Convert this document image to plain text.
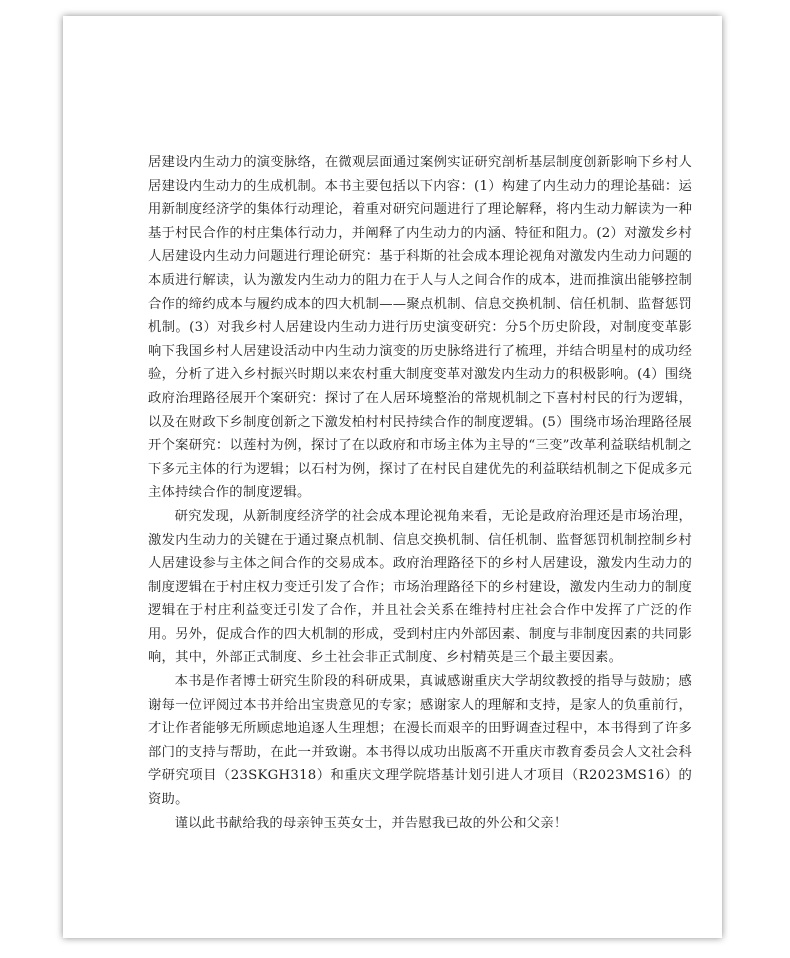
居建设内生动力的演变脉络，在微观层面通过案例实证研究剖析基层制度创新影响下乡村人居建设内生动力的生成机制。本书主要包括以下内容：(1）构建了内生动力的理论基础：运用新制度经济学的集体行动理论，着重对研究问题进行了理论解释，将内生动力解读为一种基于村民合作的村庄集体行动力，并阐释了内生动力的内涵、特征和阻力。(2）对激发乡村人居建设内生动力问题进行理论研究：基于科斯的社会成本理论视角对激发内生动力问题的本质进行解读，认为激发内生动力的阻力在于人与人之间合作的成本，进而推演出能够控制合作的缔约成本与履约成本的四大机制——聚点机制、信息交换机制、信任机制、监督惩罚机制。(3）对我乡村人居建设内生动力进行历史演变研究：分5个历史阶段，对制度变革影响下我国乡村人居建设活动中内生动力演变的历史脉络进行了梳理，并结合明星村的成功经验，分析了进入乡村振兴时期以来农村重大制度变革对激发内生动力的积极影响。(4）围绕政府治理路径展开个案研究：探讨了在人居环境整治的常规机制之下喜村村民的行为逻辑，以及在财政下乡制度创新之下激发柏村村民持续合作的制度逻辑。(5）围绕市场治理路径展开个案研究：以莲村为例，探讨了在以政府和市场主体为主导的“三变”改革利益联结机制之下多元主体的行为逻辑；以石村为例，探讨了在村民自建优先的利益联结机制之下促成多元主体持续合作的制度逻辑。

研究发现，从新制度经济学的社会成本理论视角来看，无论是政府治理还是市场治理，激发内生动力的关键在于通过聚点机制、信息交换机制、信任机制、监督惩罚机制控制乡村人居建设参与主体之间合作的交易成本。政府治理路径下的乡村人居建设，激发内生动力的制度逻辑在于村庄权力变迁引发了合作；市场治理路径下的乡村建设，激发内生动力的制度逻辑在于村庄利益变迁引发了合作，并且社会关系在维持村庄社会合作中发挥了广泛的作用。另外，促成合作的四大机制的形成，受到村庄内外部因素、制度与非制度因素的共同影响，其中，外部正式制度、乡土社会非正式制度、乡村精英是三个最主要因素。

本书是作者博士研究生阶段的科研成果，真诚感谢重庆大学胡纹教授的指导与鼓励；感谢每一位评阅过本书并给出宝贵意见的专家；感谢家人的理解和支持，是家人的负重前行，才让作者能够无所顾虑地追逐人生理想；在漫长而艰辛的田野调查过程中，本书得到了许多部门的支持与帮助，在此一并致谢。本书得以成功出版离不开重庆市教育委员会人文社会科学研究项目（23SKGH318）和重庆文理学院塔基计划引进人才项目（R2023MS16）的资助。

谨以此书献给我的母亲钟玉英女士，并告慰我已故的外公和父亲！
